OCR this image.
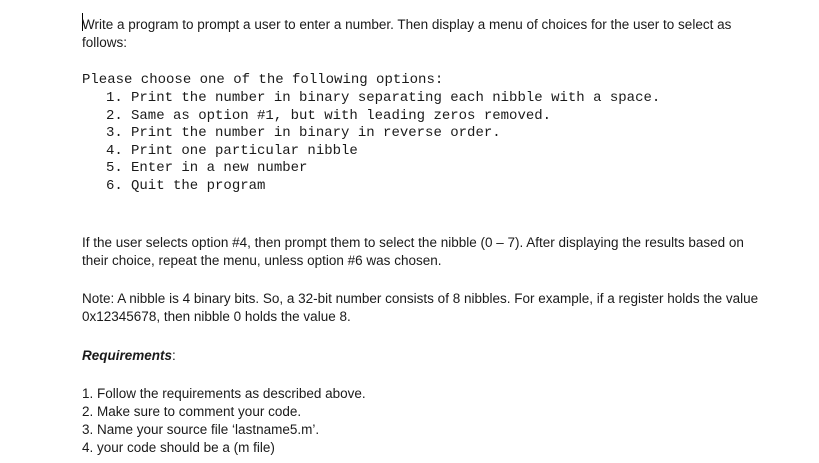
Write a program to prompt a user to enter a number. Then display a menu of choices for the user to select as follows:

Please choose one of the following options:

1. Print the number in binary separating each nibble with a space.
2. Same as option #1, but with leading zeros removed.
3. Print the number in binary in reverse order.
4. Print one particular nibble
5. Enter in a new number
6. Quit the program

If the user selects option #4, then prompt them to select the nibble (0 – 7). After displaying the results based on their choice, repeat the menu, unless option #6 was chosen.

Note: A nibble is 4 binary bits. So, a 32-bit number consists of 8 nibbles. For example, if a register holds the value 0x12345678, then nibble 0 holds the value 8.

Requirements:

1. Follow the requirements as described above.
2. Make sure to comment your code.
3. Name your source file ‘lastname5.m’.
4. your code should be a (m file)
